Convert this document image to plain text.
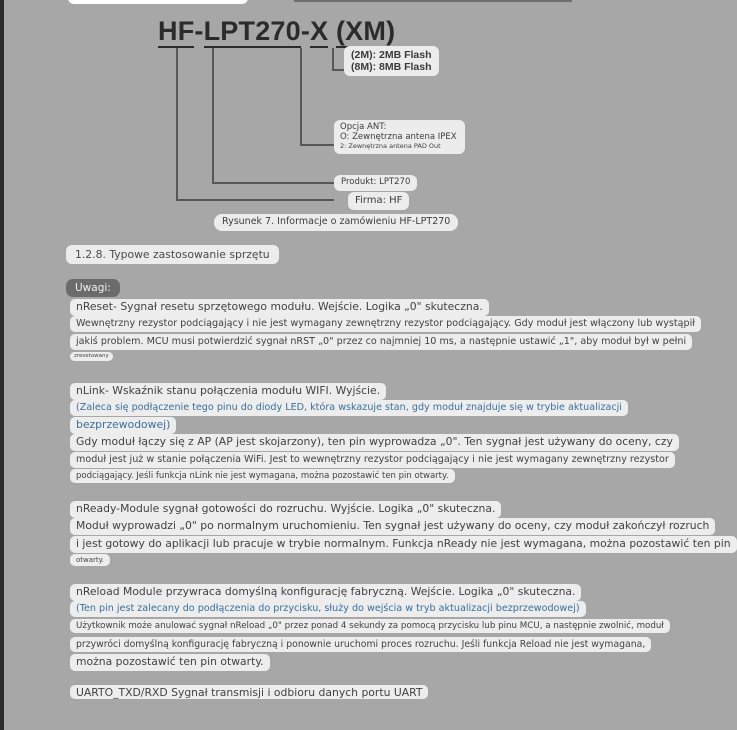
HF-LPT270-X (XM)
(2M): 2MB Flash
(8M): 8MB Flash
Opcja ANT:
O: Zewnętrzna antena IPEX
2: Zewnętrzna antena PAD Out
Produkt: LPT270
Firma: HF
Rysunek 7. Informacje o zamówieniu HF-LPT270
1.2.8. Typowe zastosowanie sprzętu
Uwagi:
nReset- Sygnał resetu sprzętowego modułu. Wejście. Logika „0" skuteczna.
Wewnętrzny rezystor podciągający i nie jest wymagany zewnętrzny rezystor podciągający. Gdy moduł jest włączony lub wystąpił
jakiś problem. MCU musi potwierdzić sygnał nRST „0" przez co najmniej 10 ms, a następnie ustawić „1", aby moduł był w pełni
zresetowany
nLink- Wskaźnik stanu połączenia modułu WIFI. Wyjście.
(Zaleca się podłączenie tego pinu do diody LED, która wskazuje stan, gdy moduł znajduje się w trybie aktualizacji
bezprzewodowej)
Gdy moduł łączy się z AP (AP jest skojarzony), ten pin wyprowadza „0". Ten sygnał jest używany do oceny, czy
moduł jest już w stanie połączenia WiFi. Jest to wewnętrzny rezystor podciągający i nie jest wymagany zewnętrzny rezystor
podciągający. Jeśli funkcja nLink nie jest wymagana, można pozostawić ten pin otwarty.
nReady-Module sygnał gotowości do rozruchu. Wyjście. Logika „0" skuteczna.
Moduł wyprowadzi „0" po normalnym uruchomieniu. Ten sygnał jest używany do oceny, czy moduł zakończył rozruch
i jest gotowy do aplikacji lub pracuje w trybie normalnym. Funkcja nReady nie jest wymagana, można pozostawić ten pin
otwarty.
nReload Module przywraca domyślną konfigurację fabryczną. Wejście. Logika „0" skuteczna.
(Ten pin jest zalecany do podłączenia do przycisku, służy do wejścia w tryb aktualizacji bezprzewodowej)
Użytkownik może anulować sygnał nReload „0" przez ponad 4 sekundy za pomocą przycisku lub pinu MCU, a następnie zwolnić, moduł
przywróci domyślną konfigurację fabryczną i ponownie uruchomi proces rozruchu. Jeśli funkcja Reload nie jest wymagana,
można pozostawić ten pin otwarty.
UARTO_TXD/RXD Sygnał transmisji i odbioru danych portu UART
